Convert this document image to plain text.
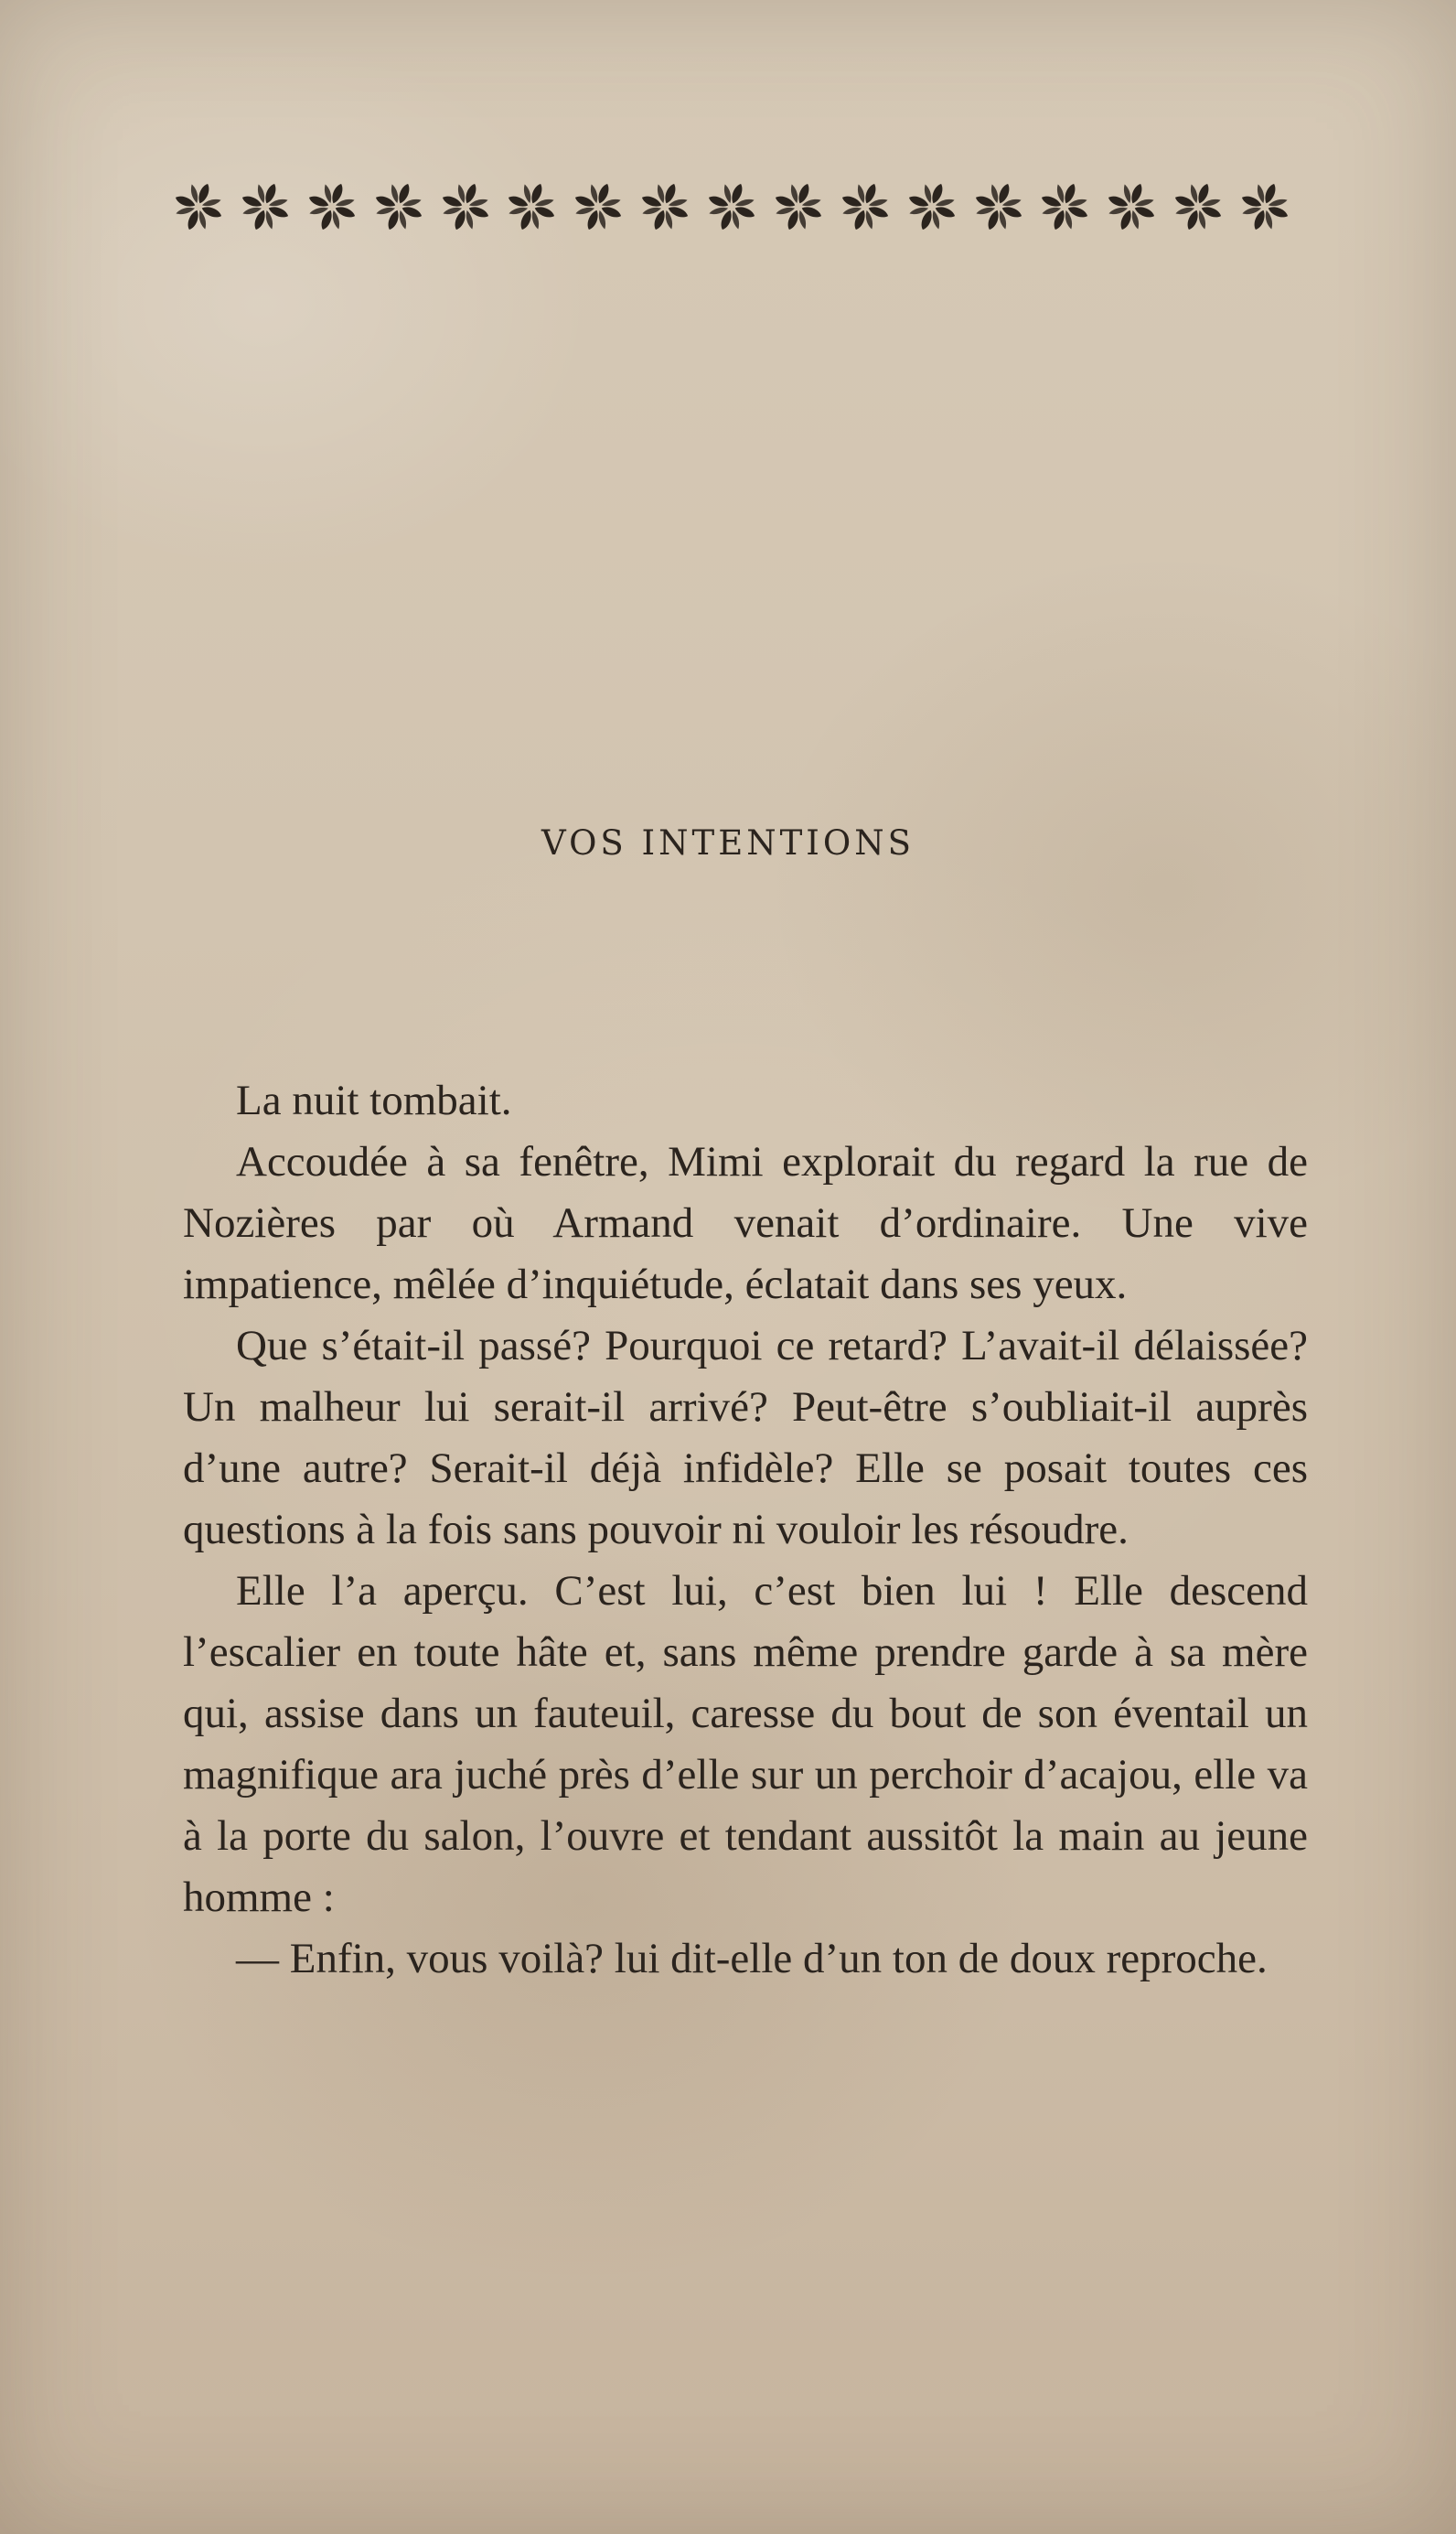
VOS INTENTIONS

La nuit tombait.

Accoudée à sa fenêtre, Mimi explorait du regard la rue de Nozières par où Armand venait d’ordinaire. Une vive impatience, mêlée d’inquiétude, éclatait dans ses yeux.

Que s’était-il passé? Pourquoi ce retard? L’avait-il délaissée? Un malheur lui serait-il arrivé? Peut-être s’oubliait-il auprès d’une autre? Serait-il déjà infidèle? Elle se posait toutes ces questions à la fois sans pouvoir ni vouloir les résoudre.

Elle l’a aperçu. C’est lui, c’est bien lui ! Elle descend l’escalier en toute hâte et, sans même prendre garde à sa mère qui, assise dans un fauteuil, caresse du bout de son éventail un magnifique ara juché près d’elle sur un perchoir d’acajou, elle va à la porte du salon, l’ouvre et tendant aussitôt la main au jeune homme :

— Enfin, vous voilà? lui dit-elle d’un ton de doux reproche.
